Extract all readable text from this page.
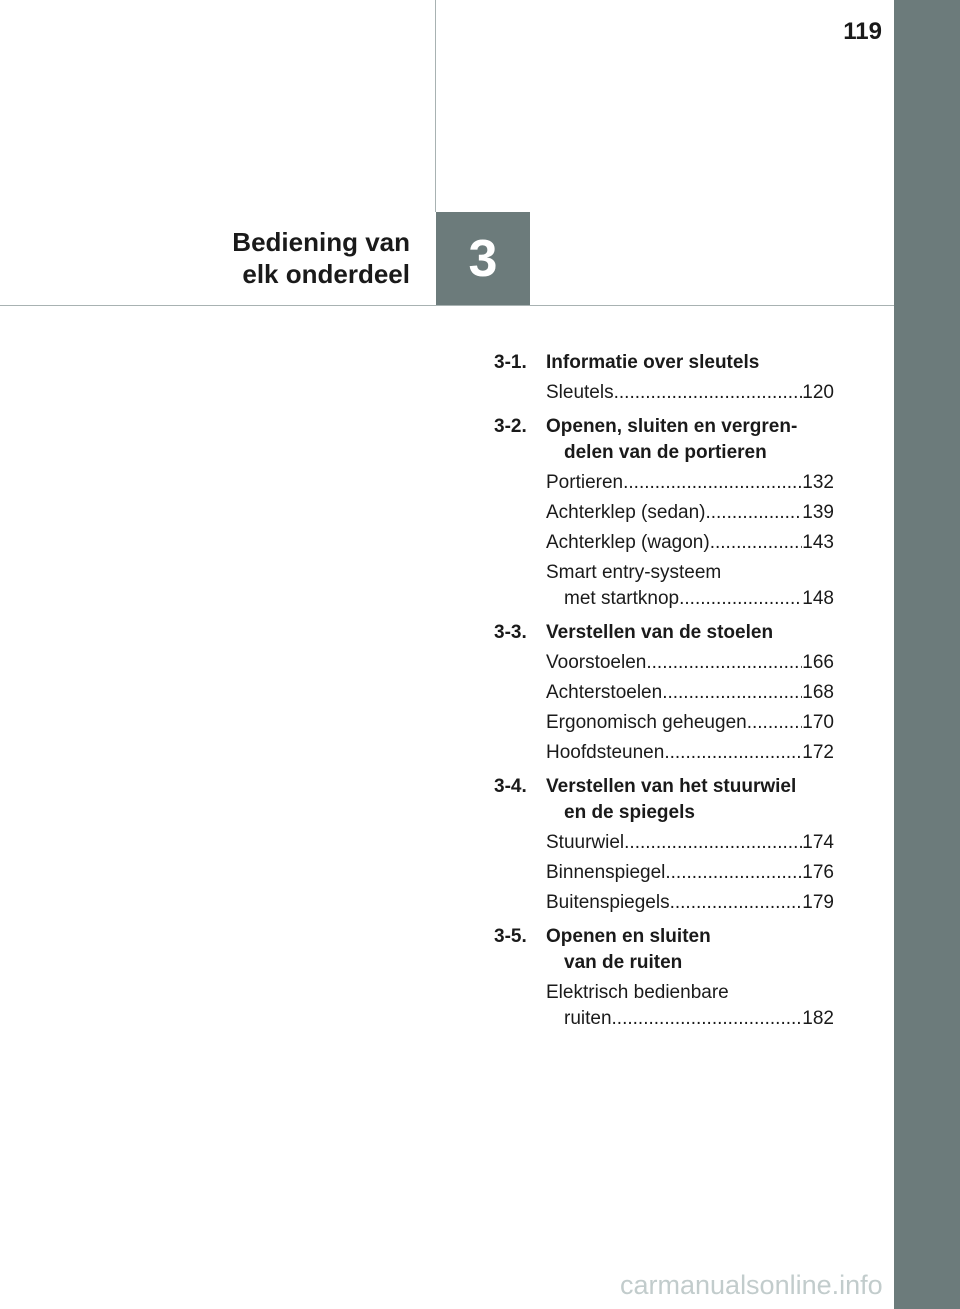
119
3
Bediening van
elk onderdeel
3-1.	Informatie over sleutels
Sleutels .....	120
3-2.	Openen, sluiten en vergren-
delen van de portieren
Portieren .....	132
Achterklep (sedan) .....	139
Achterklep (wagon) .....	143
Smart entry-systeem
met startknop .....	148
3-3.	Verstellen van de stoelen
Voorstoelen .....	166
Achterstoelen .....	168
Ergonomisch geheugen .....	170
Hoofdsteunen .....	172
3-4.	Verstellen van het stuurwiel
en de spiegels
Stuurwiel .....	174
Binnenspiegel .....	176
Buitenspiegels .....	179
3-5.	Openen en sluiten
van de ruiten
Elektrisch bedienbare
ruiten .....	182
carmanualsonline.info
